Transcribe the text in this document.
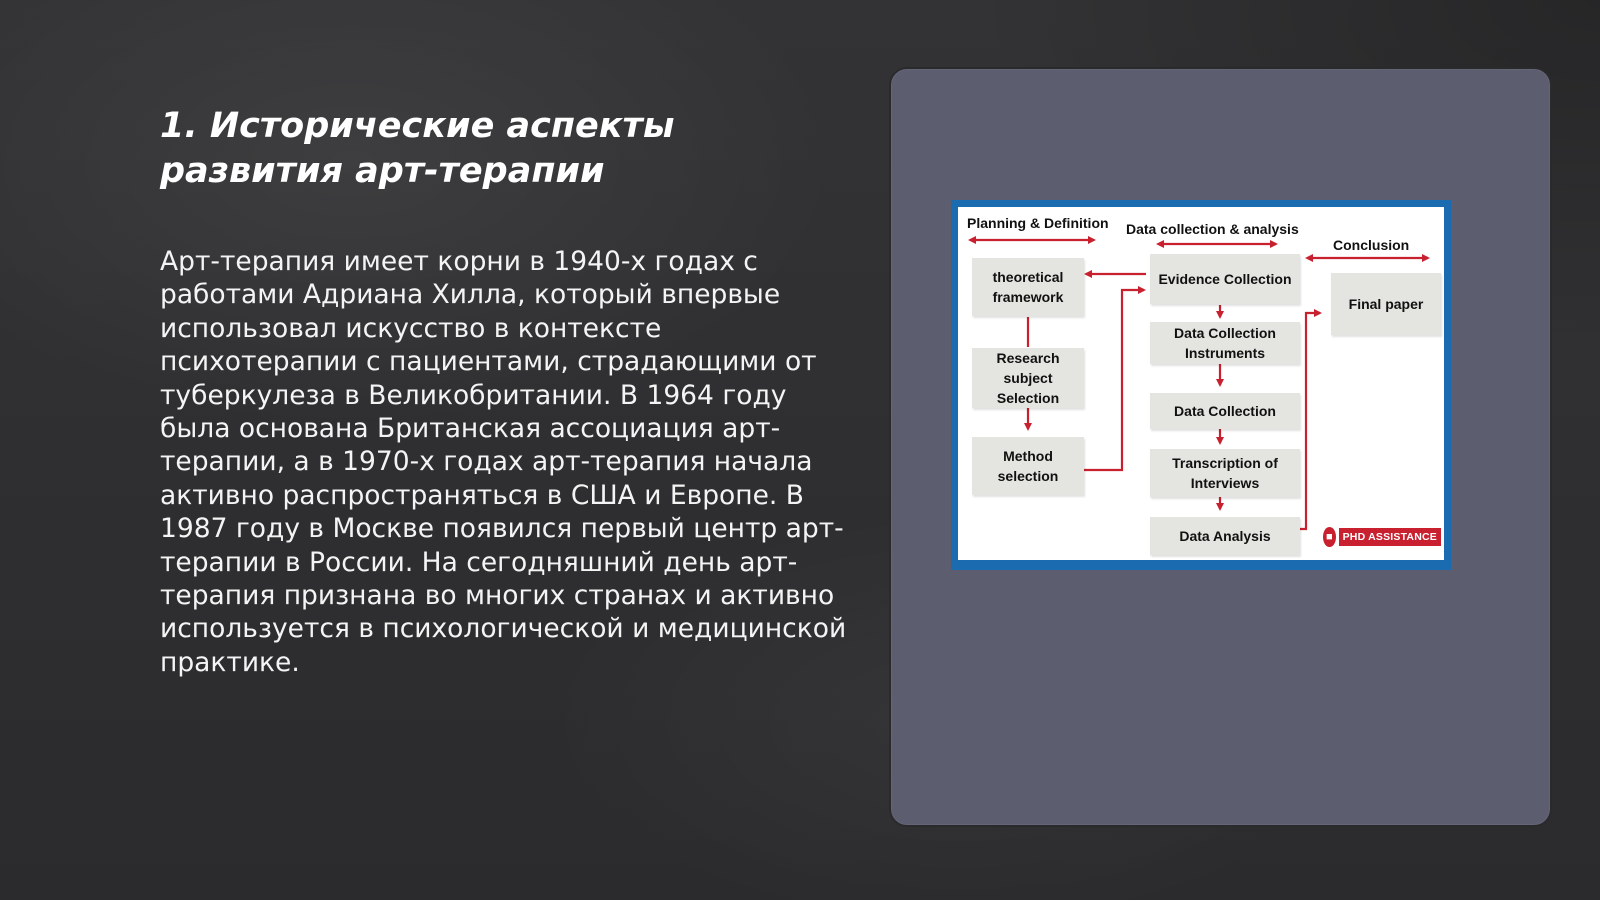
1. Исторические аспекты развития арт-терапии

Арт-терапия имеет корни в 1940-х годах с работами Адриана Хилла, который впервые использовал искусство в контексте психотерапии с пациентами, страдающими от туберкулеза в Великобритании. В 1964 году была основана Британская ассоциация арт-терапии, а в 1970-х годах арт-терапия начала активно распространяться в США и Европе. В 1987 году в Москве появился первый центр арт-терапии в России. На сегодняшний день арт-терапия признана во многих странах и активно используется в психологической и медицинской практике.

Planning & Definition Data collection & analysis
Conclusion
theoretical framework
Research subject Selection
Method selection
Evidence Collection
Data Collection Instruments
Data Collection
Transcription of Interviews
Data Analysis
Final paper
■ PHD ASSISTANCE
